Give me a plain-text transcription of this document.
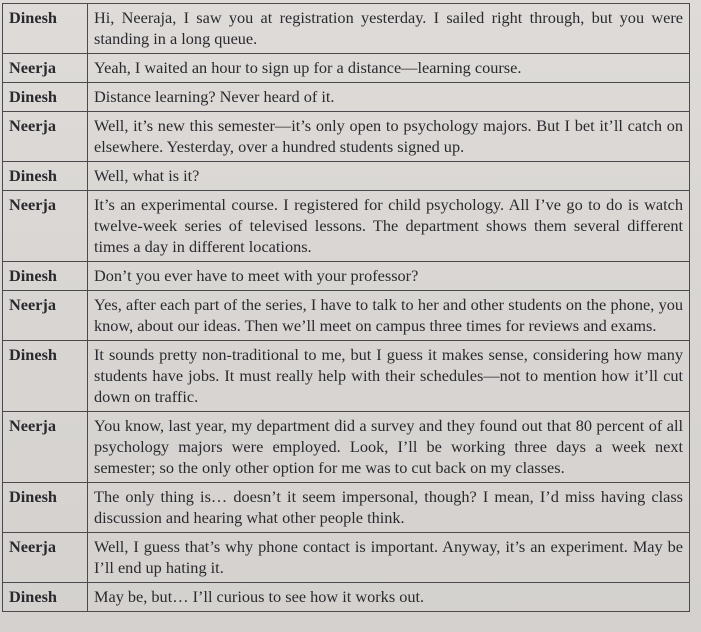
Dinesh	Hi, Neeraja, I saw you at registration yesterday. I sailed right through, but you were standing in a long queue.
Neerja	Yeah, I waited an hour to sign up for a distance—learning course.
Dinesh	Distance learning? Never heard of it.
Neerja	Well, it’s new this semester—it’s only open to psychology majors. But I bet it’ll catch on elsewhere. Yesterday, over a hundred students signed up.
Dinesh	Well, what is it?
Neerja	It’s an experimental course. I registered for child psychology. All I’ve go to do is watch twelve-week series of televised lessons. The department shows them several different times a day in different locations.
Dinesh	Don’t you ever have to meet with your professor?
Neerja	Yes, after each part of the series, I have to talk to her and other students on the phone, you know, about our ideas. Then we’ll meet on campus three times for reviews and exams.
Dinesh	It sounds pretty non-traditional to me, but I guess it makes sense, considering how many students have jobs. It must really help with their schedules—not to mention how it’ll cut down on traffic.
Neerja	You know, last year, my department did a survey and they found out that 80 percent of all psychology majors were employed. Look, I’ll be working three days a week next semester; so the only other option for me was to cut back on my classes.
Dinesh	The only thing is… doesn’t it seem impersonal, though? I mean, I’d miss having class discussion and hearing what other people think.
Neerja	Well, I guess that’s why phone contact is important. Anyway, it’s an experiment. May be I’ll end up hating it.
Dinesh	May be, but… I’ll curious to see how it works out.
